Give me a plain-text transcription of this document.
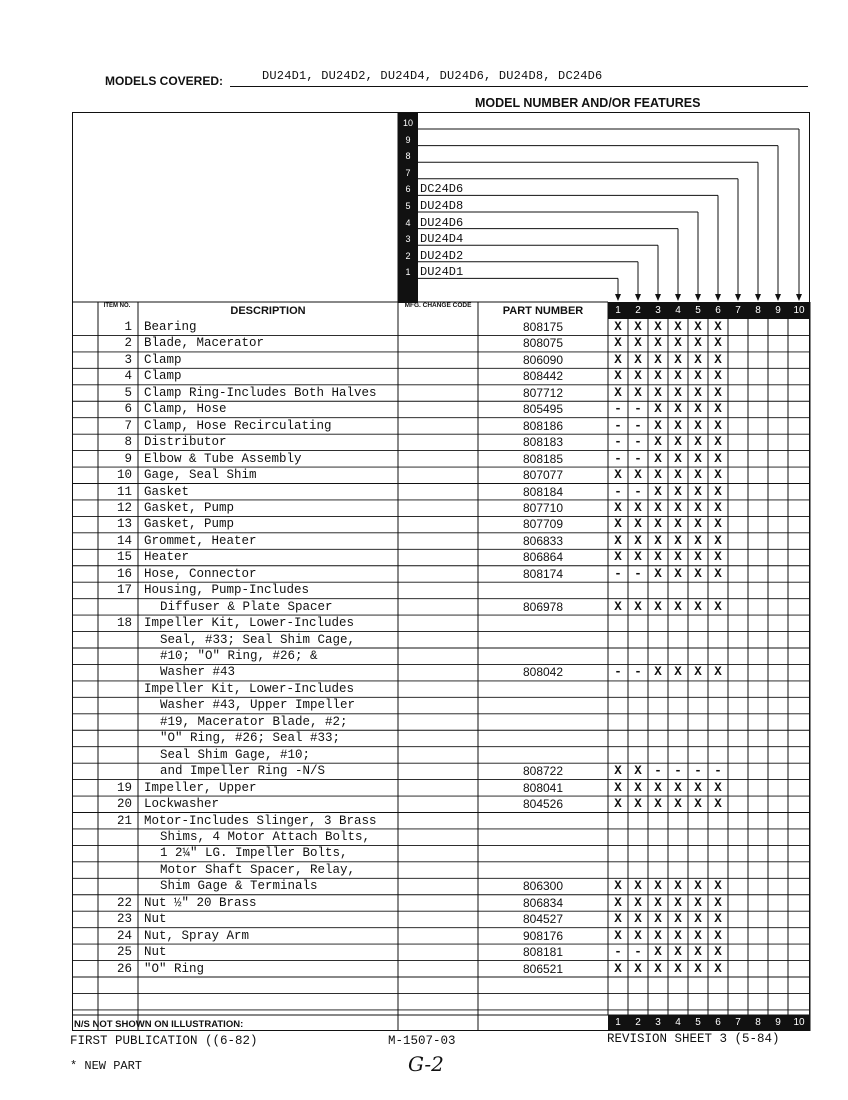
MODELS COVERED:	DU24D1, DU24D2, DU24D4, DU24D6, DU24D8, DC24D6
MODEL NUMBER AND/OR FEATURES
10
9
8
7
6 DC24D6
5 DU24D8
4 DU24D6
3 DU24D4
2 DU24D2
1 DU24D1
ITEM NO.	DESCRIPTION	MFG. CHANGE CODE	PART NUMBER	1	2	3	4	5	6	7	8	9	10
1 Bearing	808175	X X X X X X
2 Blade, Macerator	808075	X X X X X X
3 Clamp	806090	X X X X X X
4 Clamp	808442	X X X X X X
5 Clamp Ring-Includes Both Halves	807712	X X X X X X
6 Clamp, Hose	805495	- - X X X X
7 Clamp, Hose Recirculating	808186	- - X X X X
8 Distributor	808183	- - X X X X
9 Elbow & Tube Assembly	808185	- - X X X X
10 Gage, Seal Shim	807077	X X X X X X
11 Gasket	808184	- - X X X X
12 Gasket, Pump	807710	X X X X X X
13 Gasket, Pump	807709	X X X X X X
14 Grommet, Heater	806833	X X X X X X
15 Heater	806864	X X X X X X
16 Hose, Connector	808174	- - X X X X
17 Housing, Pump-Includes
Diffuser & Plate Spacer	806978	X X X X X X
18 Impeller Kit, Lower-Includes
Seal, #33; Seal Shim Cage,
#10; "O" Ring, #26; &
Washer #43	808042	- - X X X X
Impeller Kit, Lower-Includes
Washer #43, Upper Impeller
#19, Macerator Blade, #2;
"O" Ring, #26; Seal #33;
Seal Shim Gage, #10;
and Impeller Ring -N/S	808722	X X - - - -
19 Impeller, Upper	808041	X X X X X X
20 Lockwasher	804526	X X X X X X
21 Motor-Includes Slinger, 3 Brass
Shims, 4 Motor Attach Bolts,
1 2¼" LG. Impeller Bolts,
Motor Shaft Spacer, Relay,
Shim Gage & Terminals	806300	X X X X X X
22 Nut ½" 20 Brass	806834	X X X X X X
23 Nut	804527	X X X X X X
24 Nut, Spray Arm	908176	X X X X X X
25 Nut	808181	- - X X X X
26 "O" Ring	806521	X X X X X X
1	2	3	4	5	6	7	8	9	10
N/S NOT SHOWN ON ILLUSTRATION:
FIRST PUBLICATION ((6-82)	M-1507-03	REVISION SHEET 3 (5-84)
* NEW PART	G-2
